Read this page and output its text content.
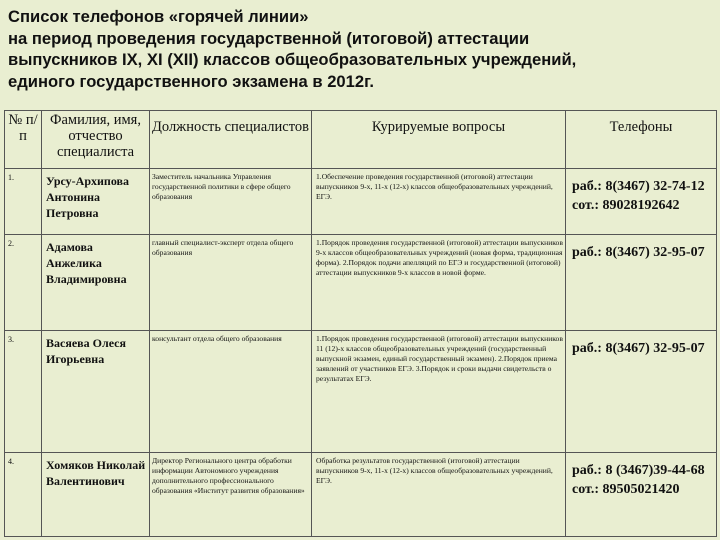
Список телефонов «горячей линии»
на период проведения государственной (итоговой) аттестации
выпускников IX, XI (XII) классов общеобразовательных учреждений,
единого государственного экзамена в 2012г.
№ п/п	Фамилия, имя, отчество специалиста	Должность специалистов	Курируемые вопросы	Телефоны
1.	Урсу-Архипова Антонина Петровна	Заместитель начальника Управления государственной политики в сфере общего образования	1.Обеспечение проведения государственной (итоговой) аттестации выпускников 9-х, 11-х (12-х) классов общеобразовательных учреждений, ЕГЭ.	раб.: 8(3467) 32-74-12
сот.: 89028192642

2.	Адамова Анжелика Владимировна	главный специалист-эксперт отдела общего образования	1.Порядок проведения государственной (итоговой) аттестации выпускников 9-х классов общеобразовательных учреждений (новая форма, традиционная форма). 2.Порядок подачи апелляций по ЕГЭ и государственной (итоговой) аттестации выпускников 9-х классов в новой форме.	раб.: 8(3467) 32-95-07

3.	Васяева Олеся Игорьевна	консультант отдела общего образования	1.Порядок проведения государственной (итоговой) аттестации выпускников 11 (12)-х классов общеобразовательных учреждений (государственный выпускной экзамен, единый государственный экзамен). 2.Порядок приема заявлений от участников ЕГЭ. 3.Порядок и сроки выдачи свидетельств о результатах ЕГЭ.	раб.: 8(3467) 32-95-07

4.	Хомяков Николай Валентинович	Директор Регионального центра обработки информации Автономного учреждения дополнительного профессионального образования «Институт развития образования»	Обработка результатов государственной (итоговой) аттестации выпускников 9-х, 11-х (12-х) классов общеобразовательных учреждений, ЕГЭ.	раб.: 8 (3467)39-44-68
сот.: 89505021420
